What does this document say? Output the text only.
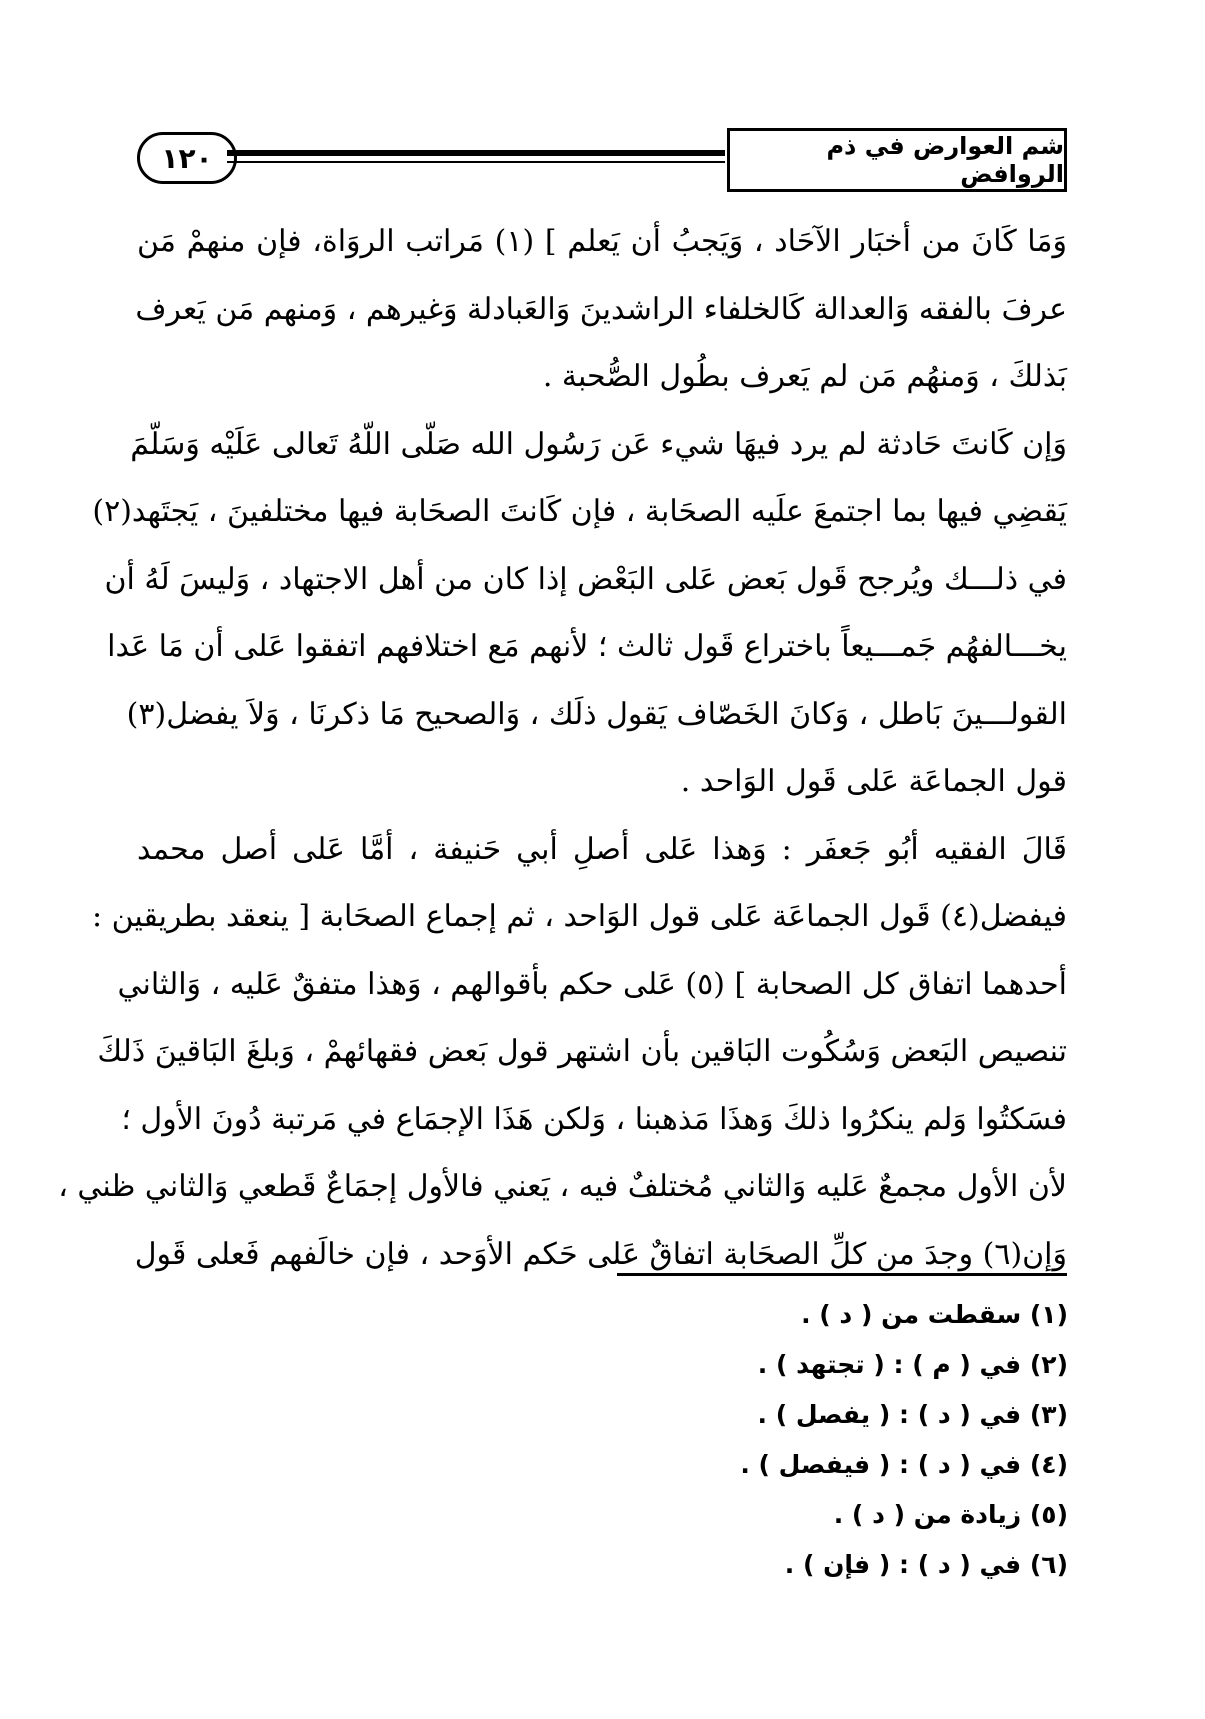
شم العوارض في ذم الروافض
١٢٠

وَمَا كَانَ من أخبَار الآحَاد ، وَيَجبُ أن يَعلم ] (١) مَراتب الروَاة، فإن منهمْ مَن
عرفَ بالفقه وَالعدالة كَالخلفاء الراشدينَ وَالعَبادلة وَغيرهم ، وَمنهم مَن يَعرف
بَذلكَ ، وَمنهُم مَن لم يَعرف بطُول الصُّحبة .

وَإن كَانتَ حَادثة لم يرد فيهَا شيء عَن رَسُول الله صَلّى اللّهُ تَعالى عَلَيْه وَسَلّمَ
يَقضِي فيها بما اجتمعَ علَيه الصحَابة ، فإن كَانتَ الصحَابة فيها مختلفينَ ، يَجتَهد(٢)
في ذلـــك ويُرجح قَول بَعض عَلى البَعْض إذا كان من أهل الاجتهاد ، وَليسَ لَهُ أن
يخـــالفهُم جَمـــيعاً باختراع قَول ثالث ؛ لأنهم مَع اختلافهم اتفقوا عَلى أن مَا عَدا
القولـــينَ بَاطل ، وَكانَ الخَصّاف يَقول ذلَك ، وَالصحيح مَا ذكرنَا ، وَلاَ يفضل(٣)
قول الجماعَة عَلى قَول الوَاحد .

قَالَ الفقيه أبُو جَعفَر : وَهذا عَلى أصلِ أبي حَنيفة ، أمَّا عَلى أصل محمد
فيفضل(٤) قَول الجماعَة عَلى قول الوَاحد ، ثم إجماع الصحَابة [ ينعقد بطريقين :
أحدهما اتفاق كل الصحابة ] (٥) عَلى حكم بأقوالهم ، وَهذا متفقٌ عَليه ، وَالثاني
تنصيص البَعض وَسُكُوت البَاقين بأن اشتهر قول بَعض فقهائهمْ ، وَبلغَ البَاقينَ ذَلكَ
فسَكتُوا وَلم ينكرُوا ذلكَ وَهذَا مَذهبنا ، وَلكن هَذَا الإجمَاع في مَرتبة دُونَ الأول ؛
لأن الأول مجمعٌ عَليه وَالثاني مُختلفٌ فيه ، يَعني فالأول إجمَاعٌ قَطعي وَالثاني ظني ،
وَإن(٦) وجدَ من كلِّ الصحَابة اتفاقٌ عَلى حَكم الأوَحد ، فإن خالَفهم فَعلى قَول

(١) سقطت من ( د ) .
(٢) في ( م ) : ( تجتهد ) .
(٣) في ( د ) : ( يفصل ) .
(٤) في ( د ) : ( فيفصل ) .
(٥) زيادة من ( د ) .
(٦) في ( د ) : ( فإن ) .
